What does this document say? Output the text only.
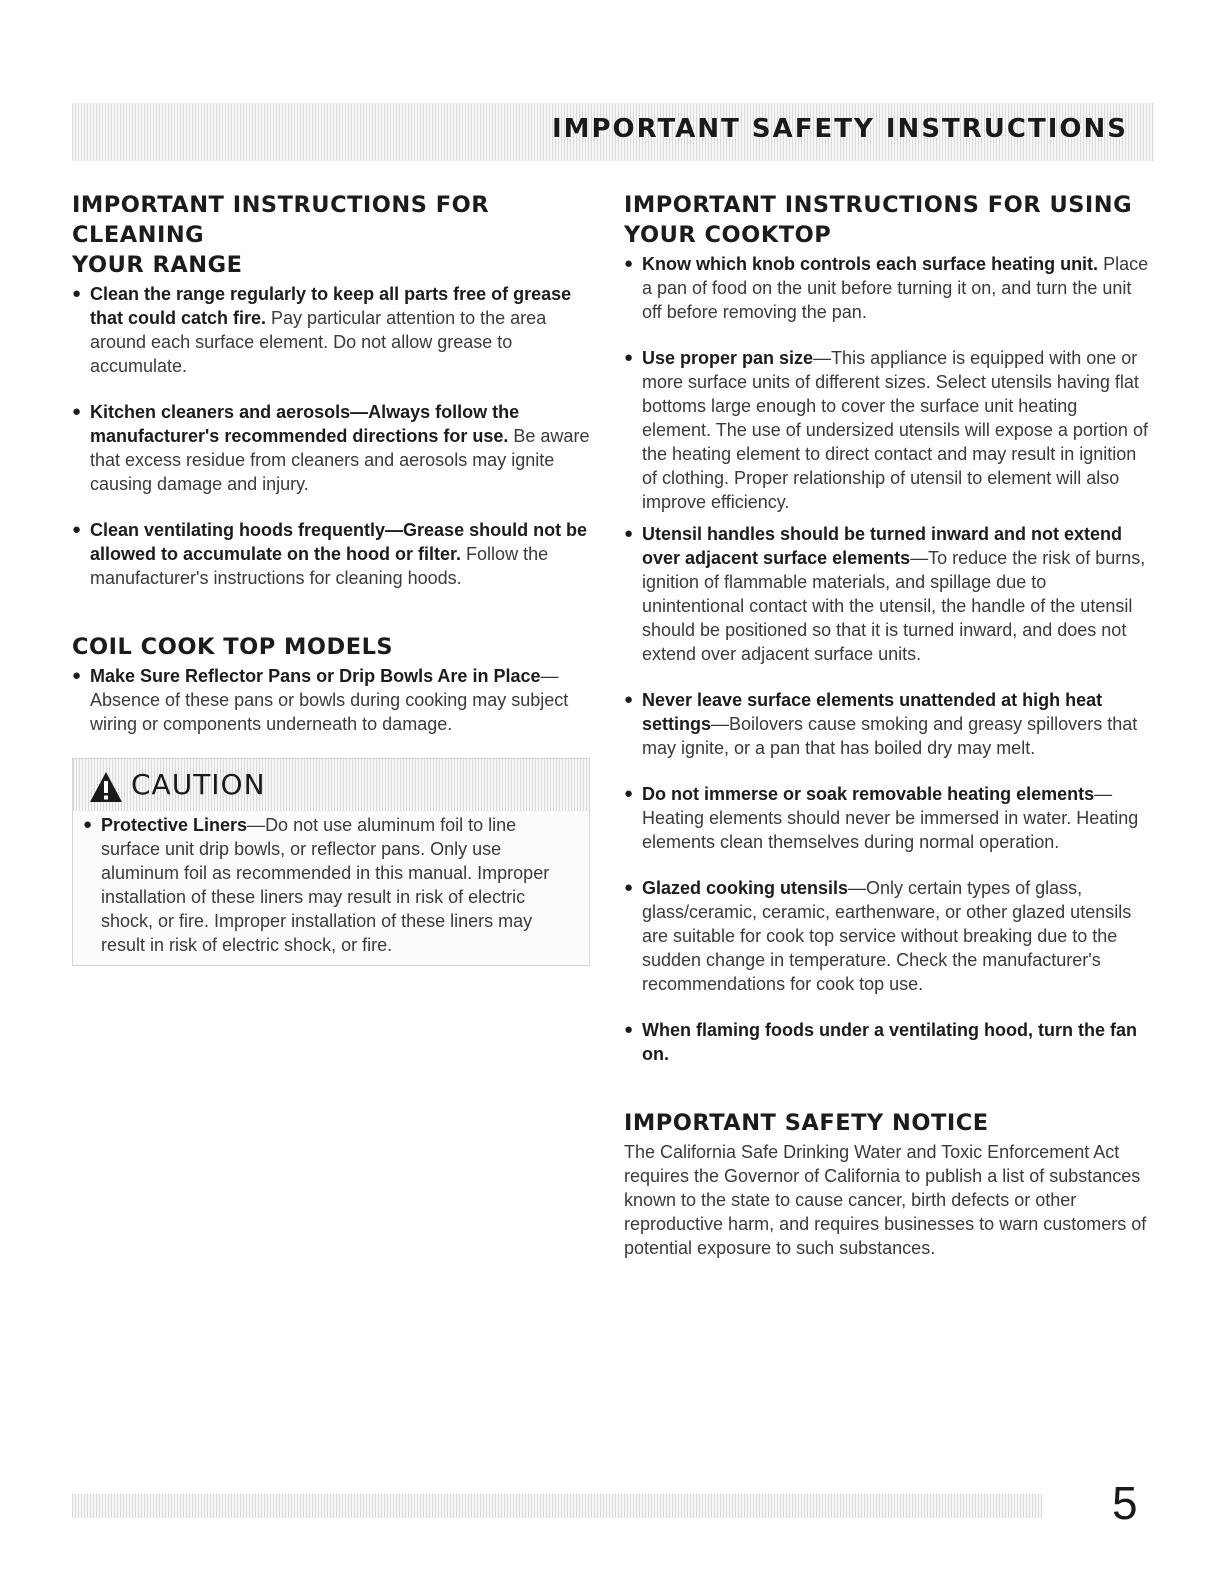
IMPORTANT SAFETY INSTRUCTIONS
IMPORTANT INSTRUCTIONS FOR CLEANING
YOUR RANGE

● Clean the range regularly to keep all parts free of grease that could catch fire. Pay particular attention to the area around each surface element. Do not allow grease to accumulate.

● Kitchen cleaners and aerosols—Always follow the manufacturer's recommended directions for use. Be aware that excess residue from cleaners and aerosols may ignite causing damage and injury.

● Clean ventilating hoods frequently—Grease should not be allowed to accumulate on the hood or filter. Follow the manufacturer's instructions for cleaning hoods.

COIL COOK TOP MODELS

● Make Sure Reflector Pans or Drip Bowls Are in Place—Absence of these pans or bowls during cooking may subject wiring or components underneath to damage.

CAUTION

● Protective Liners—Do not use aluminum foil to line surface unit drip bowls, or reflector pans. Only use aluminum foil as recommended in this manual. Improper installation of these liners may result in risk of electric shock, or fire. Improper installation of these liners may result in risk of electric shock, or fire.

IMPORTANT INSTRUCTIONS FOR USING
YOUR COOKTOP

● Know which knob controls each surface heating unit. Place a pan of food on the unit before turning it on, and turn the unit off before removing the pan.

● Use proper pan size—This appliance is equipped with one or more surface units of different sizes. Select utensils having flat bottoms large enough to cover the surface unit heating element. The use of undersized utensils will expose a portion of the heating element to direct contact and may result in ignition of clothing. Proper relationship of utensil to element will also improve efficiency.

● Utensil handles should be turned inward and not extend over adjacent surface elements—To reduce the risk of burns, ignition of flammable materials, and spillage due to unintentional contact with the utensil, the handle of the utensil should be positioned so that it is turned inward, and does not extend over adjacent surface units.

● Never leave surface elements unattended at high heat settings—Boilovers cause smoking and greasy spillovers that may ignite, or a pan that has boiled dry may melt.

● Do not immerse or soak removable heating elements—Heating elements should never be immersed in water. Heating elements clean themselves during normal operation.

● Glazed cooking utensils—Only certain types of glass, glass/ceramic, ceramic, earthenware, or other glazed utensils are suitable for cook top service without breaking due to the sudden change in temperature. Check the manufacturer's recommendations for cook top use.

● When flaming foods under a ventilating hood, turn the fan on.

IMPORTANT SAFETY NOTICE

The California Safe Drinking Water and Toxic Enforcement Act requires the Governor of California to publish a list of substances known to the state to cause cancer, birth defects or other reproductive harm, and requires businesses to warn customers of potential exposure to such substances.

5
